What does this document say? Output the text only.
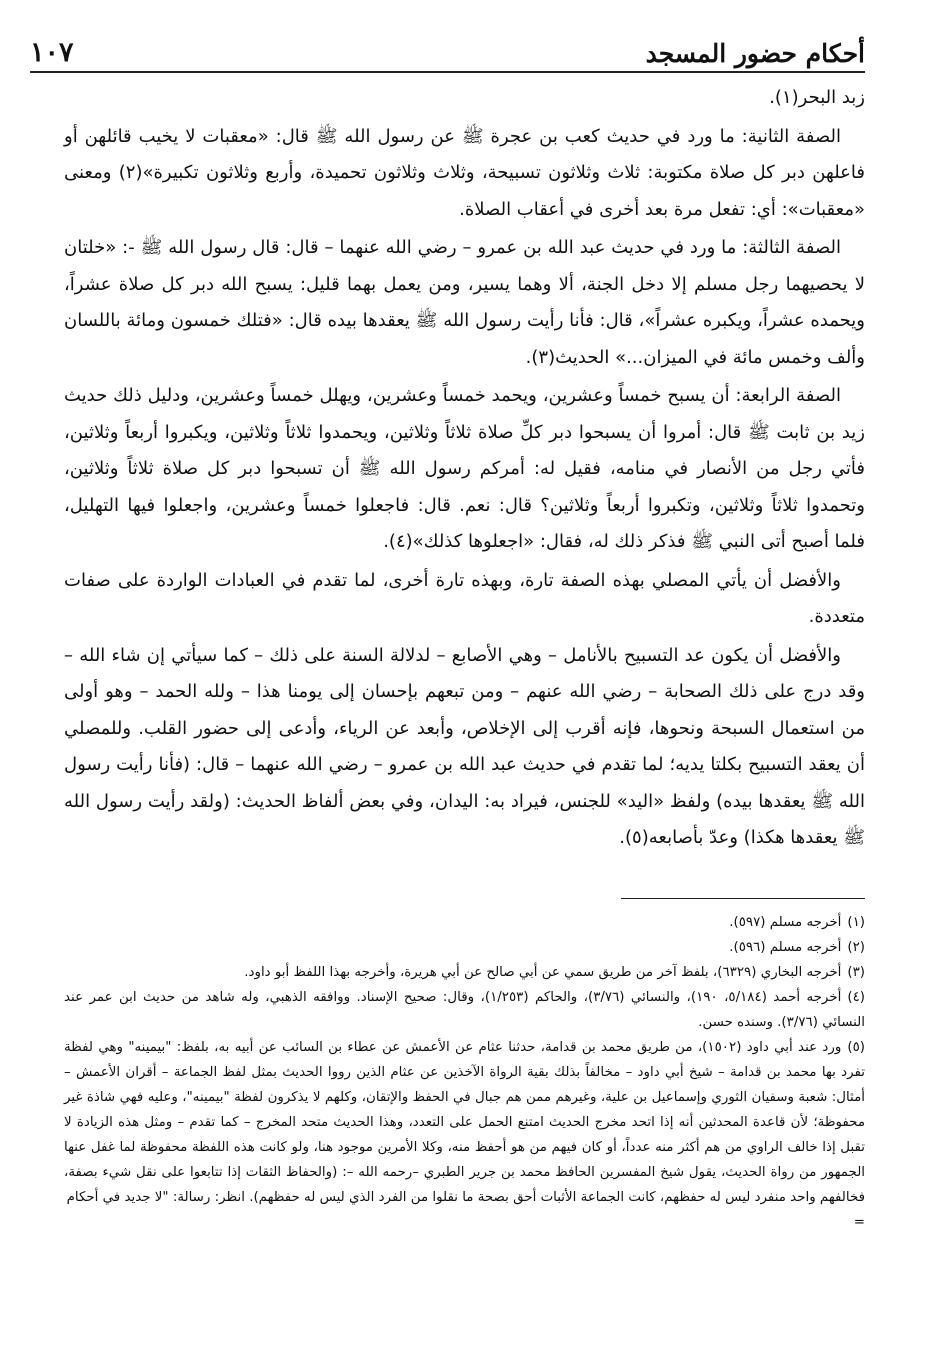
أحكام حضور المسجد
١٠٧

زبد البحر(١).

الصفة الثانية: ما ورد في حديث كعب بن عجرة ﷺ عن رسول الله ﷺ قال: «معقبات لا يخيب قائلهن أو فاعلهن دبر كل صلاة مكتوبة: ثلاث وثلاثون تسبيحة، وثلاث وثلاثون تحميدة، وأربع وثلاثون تكبيرة»(٢) ومعنى «معقبات»: أي: تفعل مرة بعد أخرى في أعقاب الصلاة.

الصفة الثالثة: ما ورد في حديث عبد الله بن عمرو – رضي الله عنهما – قال: قال رسول الله ﷺ -: «خلتان لا يحصيهما رجل مسلم إلا دخل الجنة، ألا وهما يسير، ومن يعمل بهما قليل: يسبح الله دبر كل صلاة عشراً، ويحمده عشراً، ويكبره عشراً»، قال: فأنا رأيت رسول الله ﷺ يعقدها بيده قال: «فتلك خمسون ومائة باللسان وألف وخمس مائة في الميزان...» الحديث(٣).

الصفة الرابعة: أن يسبح خمساً وعشرين، ويحمد خمساً وعشرين، ويهلل خمساً وعشرين، ودليل ذلك حديث زيد بن ثابت ﷺ قال: أمروا أن يسبحوا دبر كلِّ صلاة ثلاثاً وثلاثين، ويحمدوا ثلاثاً وثلاثين، ويكبروا أربعاً وثلاثين، فأتي رجل من الأنصار في منامه، فقيل له: أمركم رسول الله ﷺ أن تسبحوا دبر كل صلاة ثلاثاً وثلاثين، وتحمدوا ثلاثاً وثلاثين، وتكبروا أربعاً وثلاثين؟ قال: نعم. قال: فاجعلوا خمساً وعشرين، واجعلوا فيها التهليل، فلما أصبح أتى النبي ﷺ فذكر ذلك له، فقال: «اجعلوها كذلك»(٤).

والأفضل أن يأتي المصلي بهذه الصفة تارة، وبهذه تارة أخرى، لما تقدم في العبادات الواردة على صفات متعددة.

والأفضل أن يكون عد التسبيح بالأنامل – وهي الأصابع – لدلالة السنة على ذلك – كما سيأتي إن شاء الله – وقد درج على ذلك الصحابة – رضي الله عنهم – ومن تبعهم بإحسان إلى يومنا هذا – ولله الحمد – وهو أولى من استعمال السبحة ونحوها، فإنه أقرب إلى الإخلاص، وأبعد عن الرياء، وأدعى إلى حضور القلب. وللمصلي أن يعقد التسبيح بكلتا يديه؛ لما تقدم في حديث عبد الله بن عمرو – رضي الله عنهما – قال: (فأنا رأيت رسول الله ﷺ يعقدها بيده) ولفظ «اليد» للجنس، فيراد به: اليدان، وفي بعض ألفاظ الحديث: (ولقد رأيت رسول الله ﷺ يعقدها هكذا) وعدّ بأصابعه(٥).

(١)أخرجه مسلم (٥٩٧).

(٢)أخرجه مسلم (٥٩٦).

(٣)أخرجه البخاري (٦٣٢٩)، بلفظ آخر من طريق سمي عن أبي صالح عن أبي هريرة، وأخرجه بهذا اللفظ أبو داود.

(٤)أخرجه أحمد (٥/١٨٤، ١٩٠)، والنسائي (٣/٧٦)، والحاكم (١/٢٥٣)، وقال: صحيح الإسناد. ووافقه الذهبي، وله شاهد من حديث ابن عمر عند النسائي (٣/٧٦). وسنده حسن.

(٥)ورد عند أبي داود (١٥٠٢)، من طريق محمد بن قدامة، حدثنا عثام عن الأعمش عن عطاء بن السائب عن أبيه به، بلفظ: "بيمينه" وهي لفظة تفرد بها محمد بن قدامة – شيخ أبي داود – مخالفاً بذلك بقية الرواة الآخذين عن عثام الذين رووا الحديث بمثل لفظ الجماعة – أقران الأعمش – أمثال: شعبة وسفيان الثوري وإسماعيل بن علية، وغيرهم ممن هم جبال في الحفظ والإتقان، وكلهم لا يذكرون لفظة "بيمينه"، وعليه فهي شاذة غير محفوظة؛ لأن قاعدة المحدثين أنه إذا اتحد مخرج الحديث امتنع الحمل على التعدد، وهذا الحديث متحد المخرج – كما تقدم – ومثل هذه الزيادة لا تقبل إذا خالف الراوي من هم أكثر منه عدداً، أو كان فيهم من هو أحفظ منه، وكلا الأمرين موجود هنا، ولو كانت هذه اللفظة محفوظة لما غفل عنها الجمهور من رواة الحديث، يقول شيخ المفسرين الحافظ محمد بن جرير الطبري –رحمه الله –: (والحفاظ الثقات إذا تتابعوا على نقل شيء بصفة، فخالفهم واحد منفرد ليس له حفظهم، كانت الجماعة الأثبات أحق بصحة ما نقلوا من الفرد الذي ليس له حفظهم). انظر: رسالة: "لا جديد في أحكام

=
